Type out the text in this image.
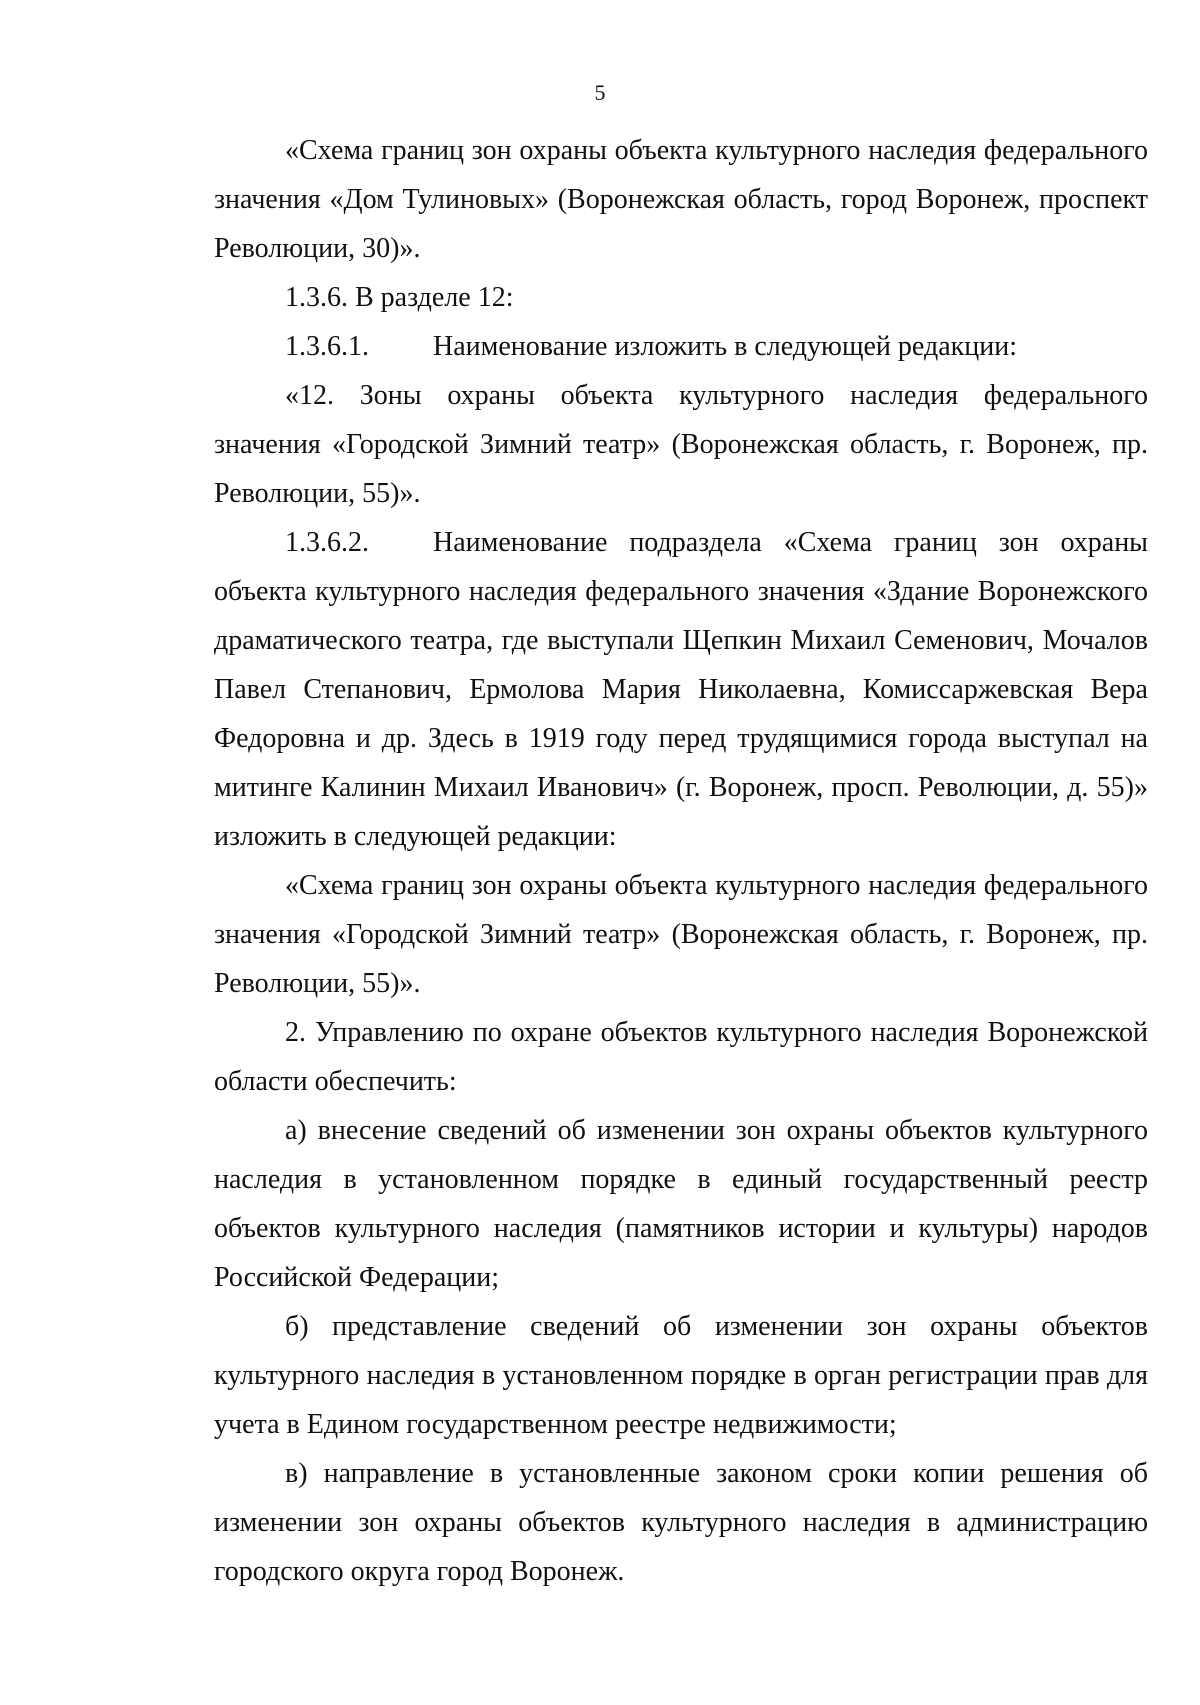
5

«Схема границ зон охраны объекта культурного наследия федерального значения «Дом Тулиновых» (Воронежская область, город Воронеж, проспект Революции, 30)».

1.3.6. В разделе 12:

1.3.6.1.	Наименование изложить в следующей редакции:

«12. Зоны охраны объекта культурного наследия федерального значения «Городской Зимний театр» (Воронежская область, г. Воронеж, пр. Революции, 55)».

1.3.6.2.	Наименование подраздела «Схема границ зон охраны
объекта культурного наследия федерального значения «Здание Воронежского драматического театра, где выступали Щепкин Михаил Семенович, Мочалов Павел Степанович, Ермолова Мария Николаевна, Комиссаржевская Вера Федоровна и др. Здесь в 1919 году перед трудящимися города выступал на митинге Калинин Михаил Иванович» (г. Воронеж, просп. Революции, д. 55)» изложить в следующей редакции:

«Схема границ зон охраны объекта культурного наследия федерального значения «Городской Зимний театр» (Воронежская область, г. Воронеж, пр. Революции, 55)».

2. Управлению по охране объектов культурного наследия Воронежской области обеспечить:

а) внесение сведений об изменении зон охраны объектов культурного наследия в установленном порядке в единый государственный реестр объектов культурного наследия (памятников истории и культуры) народов Российской Федерации;

б) представление сведений об изменении зон охраны объектов культурного наследия в установленном порядке в орган регистрации прав для учета в Едином государственном реестре недвижимости;

в) направление в установленные законом сроки копии решения об изменении зон охраны объектов культурного наследия в администрацию городского округа город Воронеж.
